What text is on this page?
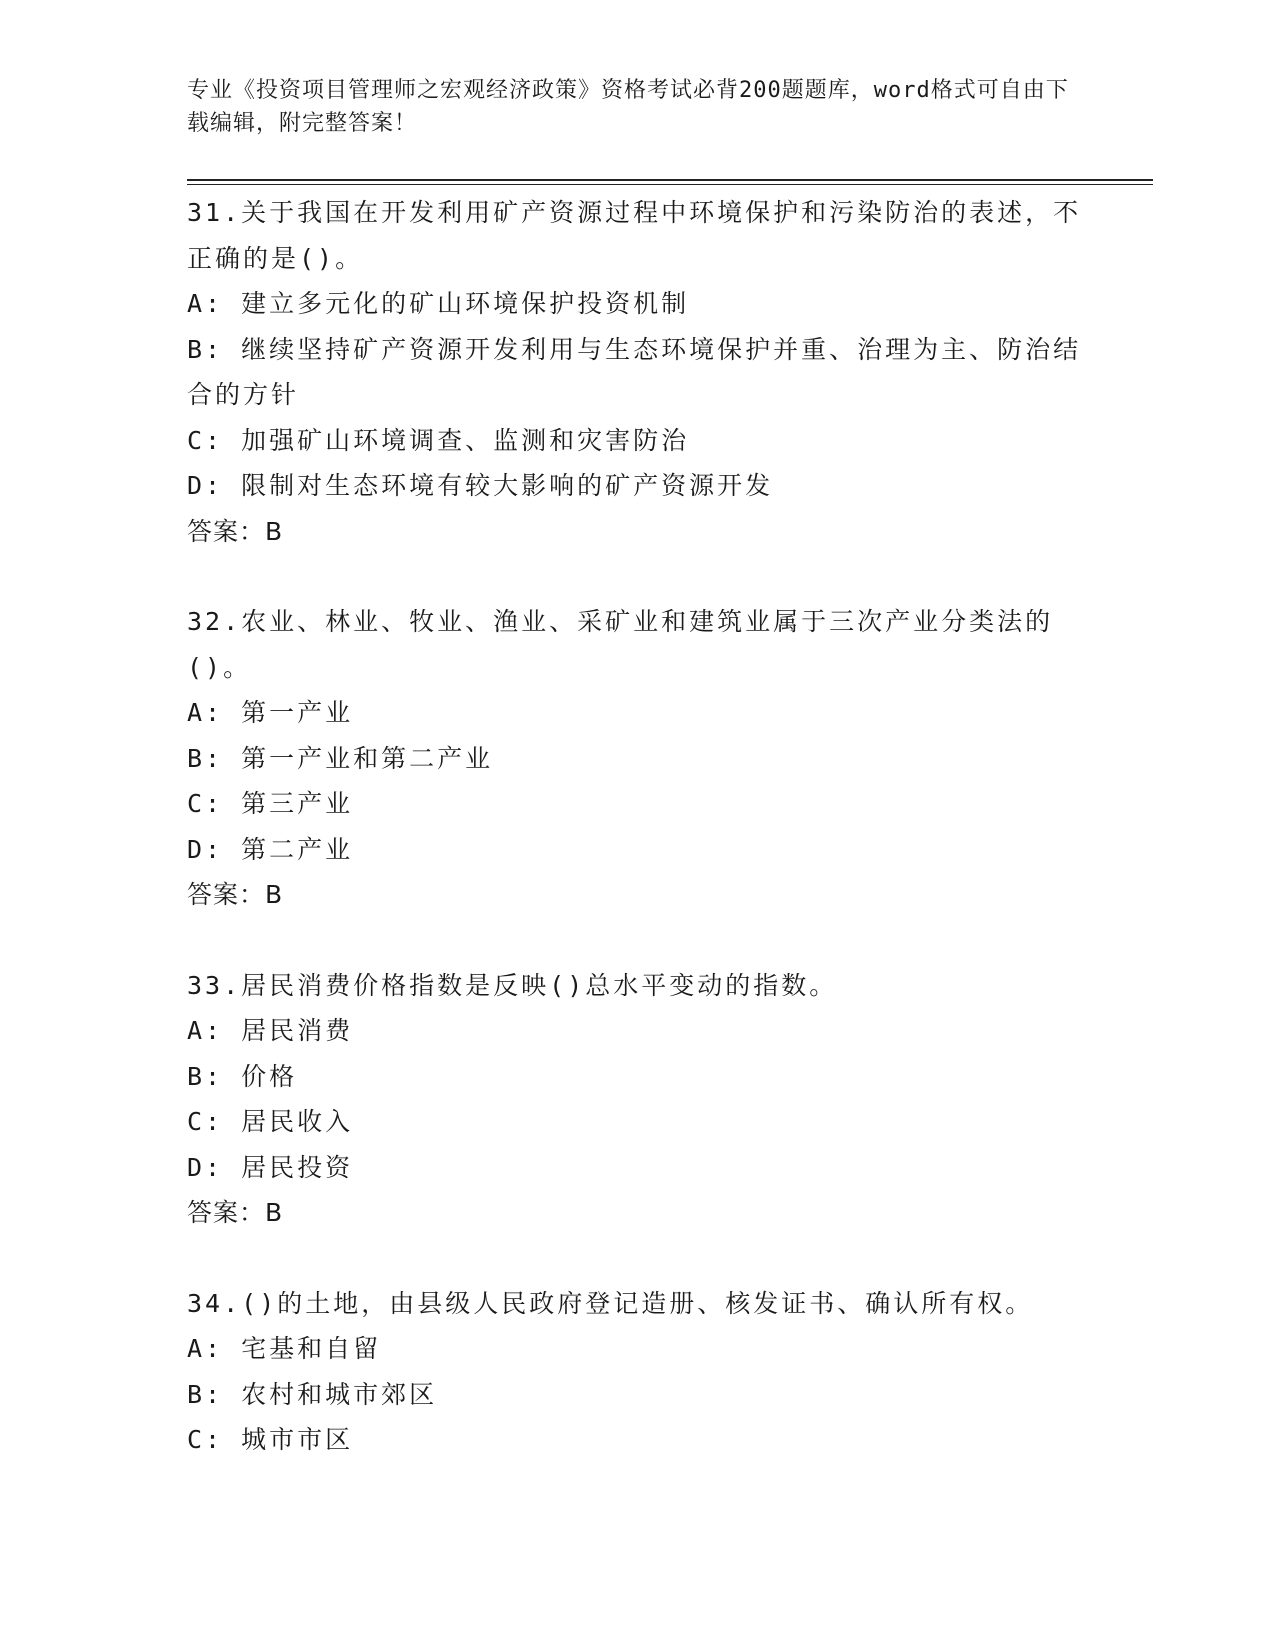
专业《投资项目管理师之宏观经济政策》资格考试必背200题题库，word格式可自由下载编辑，附完整答案！
31.关于我国在开发利用矿产资源过程中环境保护和污染防治的表述，不正确的是()。
A: 建立多元化的矿山环境保护投资机制
B: 继续坚持矿产资源开发利用与生态环境保护并重、治理为主、防治结合的方针
C: 加强矿山环境调查、监测和灾害防治
D: 限制对生态环境有较大影响的矿产资源开发
答案：B
32.农业、林业、牧业、渔业、采矿业和建筑业属于三次产业分类法的()。
A: 第一产业
B: 第一产业和第二产业
C: 第三产业
D: 第二产业
答案：B
33.居民消费价格指数是反映()总水平变动的指数。
A: 居民消费
B: 价格
C: 居民收入
D: 居民投资
答案：B
34.()的土地，由县级人民政府登记造册、核发证书、确认所有权。
A: 宅基和自留
B: 农村和城市郊区
C: 城市市区
